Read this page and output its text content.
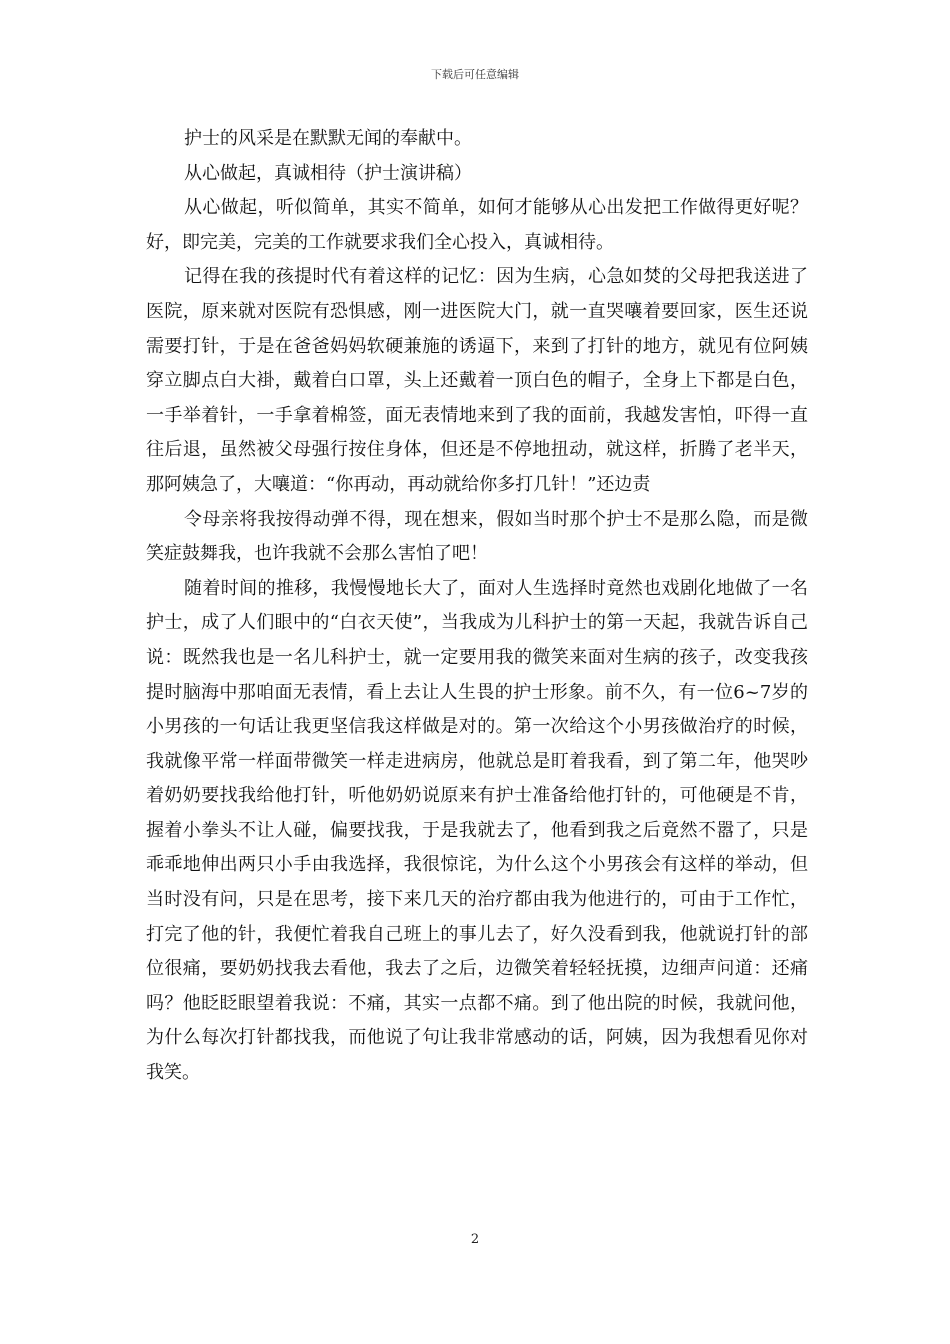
下载后可任意编辑

护士的风采是在默默无闻的奉献中。

从心做起，真诚相待（护士演讲稿）

从心做起，听似简单，其实不简单，如何才能够从心出发把工作做得更好呢？好，即完美，完美的工作就要求我们全心投入，真诚相待。

记得在我的孩提时代有着这样的记忆：因为生病，心急如焚的父母把我送进了医院，原来就对医院有恐惧感，刚一进医院大门，就一直哭嚷着要回家，医生还说需要打针，于是在爸爸妈妈软硬兼施的诱逼下，来到了打针的地方，就见有位阿姨穿立脚点白大褂，戴着白口罩，头上还戴着一顶白色的帽子，全身上下都是白色，一手举着针，一手拿着棉签，面无表情地来到了我的面前，我越发害怕，吓得一直往后退，虽然被父母强行按住身体，但还是不停地扭动，就这样，折腾了老半天，那阿姨急了，大嚷道：“你再动，再动就给你多打几针！”还边责

令母亲将我按得动弹不得，现在想来，假如当时那个护士不是那么隐，而是微笑症鼓舞我，也许我就不会那么害怕了吧！

随着时间的推移，我慢慢地长大了，面对人生选择时竟然也戏剧化地做了一名护士，成了人们眼中的“白衣天使”，当我成为儿科护士的第一天起，我就告诉自己说：既然我也是一名儿科护士，就一定要用我的微笑来面对生病的孩子，改变我孩提时脑海中那咱面无表情，看上去让人生畏的护士形象。前不久，有一位6~7岁的小男孩的一句话让我更坚信我这样做是对的。第一次给这个小男孩做治疗的时候，我就像平常一样面带微笑一样走进病房，他就总是盯着我看，到了第二年，他哭吵着奶奶要找我给他打针，听他奶奶说原来有护士准备给他打针的，可他硬是不肯，握着小拳头不让人碰，偏要找我，于是我就去了，他看到我之后竟然不嚣了，只是乖乖地伸出两只小手由我选择，我很惊诧，为什么这个小男孩会有这样的举动，但当时没有问，只是在思考，接下来几天的治疗都由我为他进行的，可由于工作忙，打完了他的针，我便忙着我自己班上的事儿去了，好久没看到我，他就说打针的部位很痛，要奶奶找我去看他，我去了之后，边微笑着轻轻抚摸，边细声问道：还痛吗？他眨眨眼望着我说：不痛，其实一点都不痛。到了他出院的时候，我就问他，为什么每次打针都找我，而他说了句让我非常感动的话，阿姨，因为我想看见你对我笑。

2
